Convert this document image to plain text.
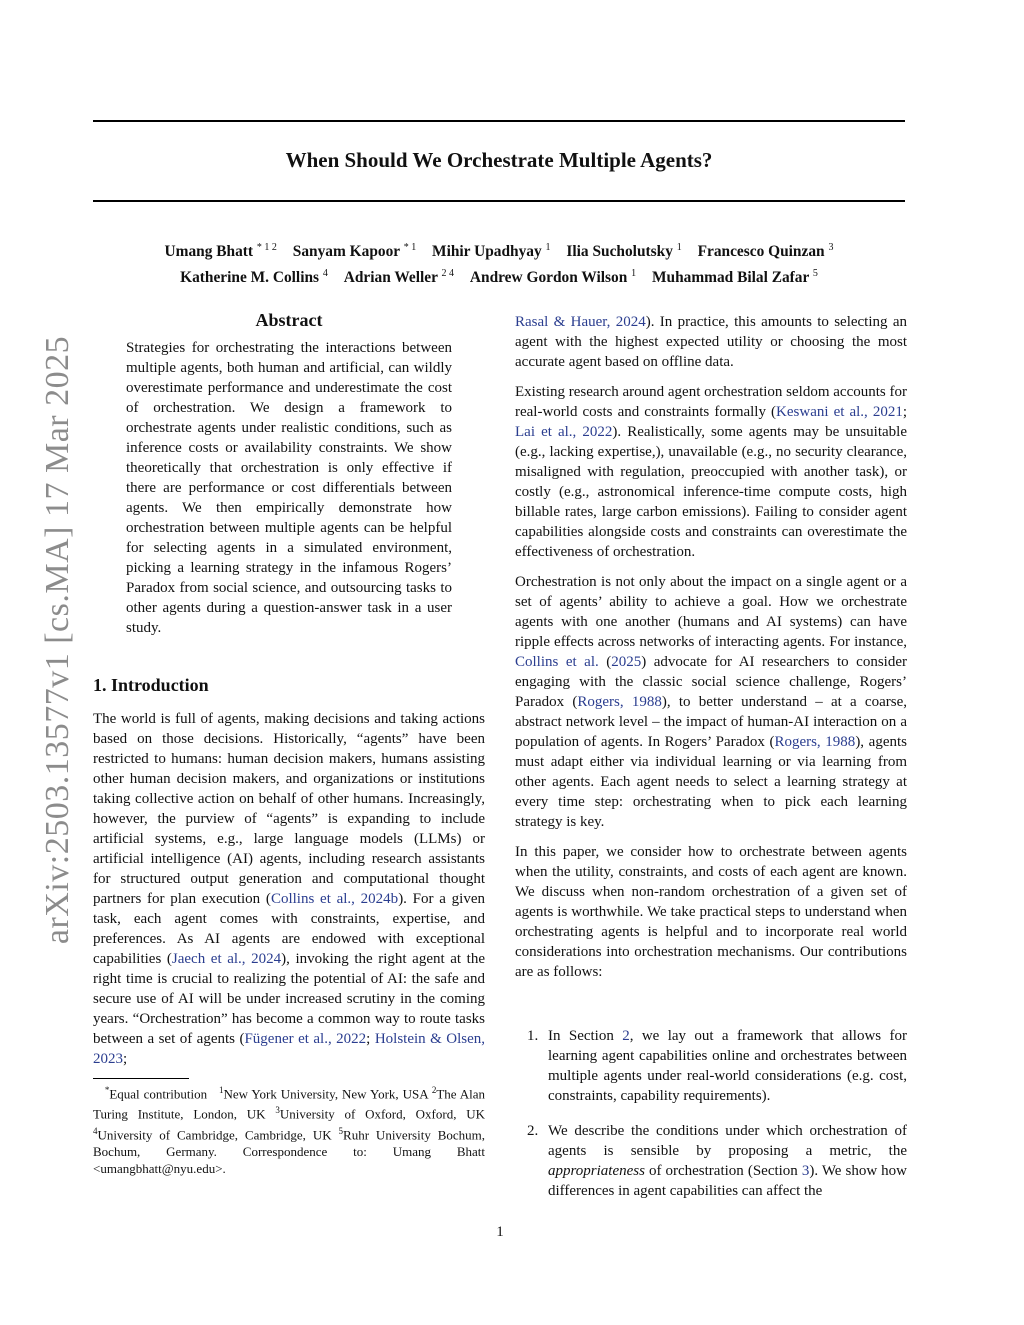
arXiv:2503.13577v1 [cs.MA] 17 Mar 2025
When Should We Orchestrate Multiple Agents?
Umang Bhatt $^{* 1 2}$ Sanyam Kapoor $^{* 1}$ Mihir Upadhyay $^1$ Ilia Sucholutsky $^1$ Francesco Quinzan $^3$
Katherine M. Collins $^4$ Adrian Weller $^{2 4}$ Andrew Gordon Wilson $^1$ Muhammad Bilal Zafar $^5$
Abstract

Strategies for orchestrating the interactions between multiple agents, both human and artificial, can wildly overestimate performance and underestimate the cost of orchestration. We design a framework to orchestrate agents under realistic conditions, such as inference costs or availability constraints. We show theoretically that orchestration is only effective if there are performance or cost differentials between agents. We then empirically demonstrate how orchestration between multiple agents can be helpful for selecting agents in a simulated environment, picking a learning strategy in the infamous Rogers’ Paradox from social science, and outsourcing tasks to other agents during a question-answer task in a user study.

1. Introduction

The world is full of agents, making decisions and taking actions based on those decisions. Historically, “agents” have been restricted to humans: human decision makers, humans assisting other human decision makers, and organizations or institutions taking collective action on behalf of other humans. Increasingly, however, the purview of “agents” is expanding to include artificial systems, e.g., large language models (LLMs) or artificial intelligence (AI) agents, including research assistants for structured output generation and computational thought partners for plan execution (Collins et al., 2024b). For a given task, each agent comes with constraints, expertise, and preferences. As AI agents are endowed with exceptional capabilities (Jaech et al., 2024), invoking the right agent at the right time is crucial to realizing the potential of AI: the safe and secure use of AI will be under increased scrutiny in the coming years. “Orchestration” has become a common way to route tasks between a set of agents (Fügener et al., 2022; Holstein & Olsen, 2023;

*Equal contribution $^1$New York University, New York, USA $^2$The Alan Turing Institute, London, UK $^3$University of Oxford, Oxford, UK $^4$University of Cambridge, Cambridge, UK $^5$Ruhr University Bochum, Bochum, Germany. Correspondence to: Umang Bhatt <umangbhatt@nyu.edu>.

Rasal & Hauer, 2024). In practice, this amounts to selecting an agent with the highest expected utility or choosing the most accurate agent based on offline data.

Existing research around agent orchestration seldom accounts for real-world costs and constraints formally (Keswani et al., 2021; Lai et al., 2022). Realistically, some agents may be unsuitable (e.g., lacking expertise,), unavailable (e.g., no security clearance, misaligned with regulation, preoccupied with another task), or costly (e.g., astronomical inference-time compute costs, high billable rates, large carbon emissions). Failing to consider agent capabilities alongside costs and constraints can overestimate the effectiveness of orchestration.

Orchestration is not only about the impact on a single agent or a set of agents’ ability to achieve a goal. How we orchestrate agents with one another (humans and AI systems) can have ripple effects across networks of interacting agents. For instance, Collins et al. (2025) advocate for AI researchers to consider engaging with the classic social science challenge, Rogers’ Paradox (Rogers, 1988), to better understand – at a coarse, abstract network level – the impact of human-AI interaction on a population of agents. In Rogers’ Paradox (Rogers, 1988), agents must adapt either via individual learning or via learning from other agents. Each agent needs to select a learning strategy at every time step: orchestrating when to pick each learning strategy is key.

In this paper, we consider how to orchestrate between agents when the utility, constraints, and costs of each agent are known. We discuss when non-random orchestration of a given set of agents is worthwhile. We take practical steps to understand when orchestrating agents is helpful and to incorporate real world considerations into orchestration mechanisms. Our contributions are as follows:

1. In Section 2, we lay out a framework that allows for learning agent capabilities online and orchestrates between multiple agents under real-world considerations (e.g. cost, constraints, capability requirements).
2. We describe the conditions under which orchestration of agents is sensible by proposing a metric, the appropriateness of orchestration (Section 3). We show how differences in agent capabilities can affect the
1
